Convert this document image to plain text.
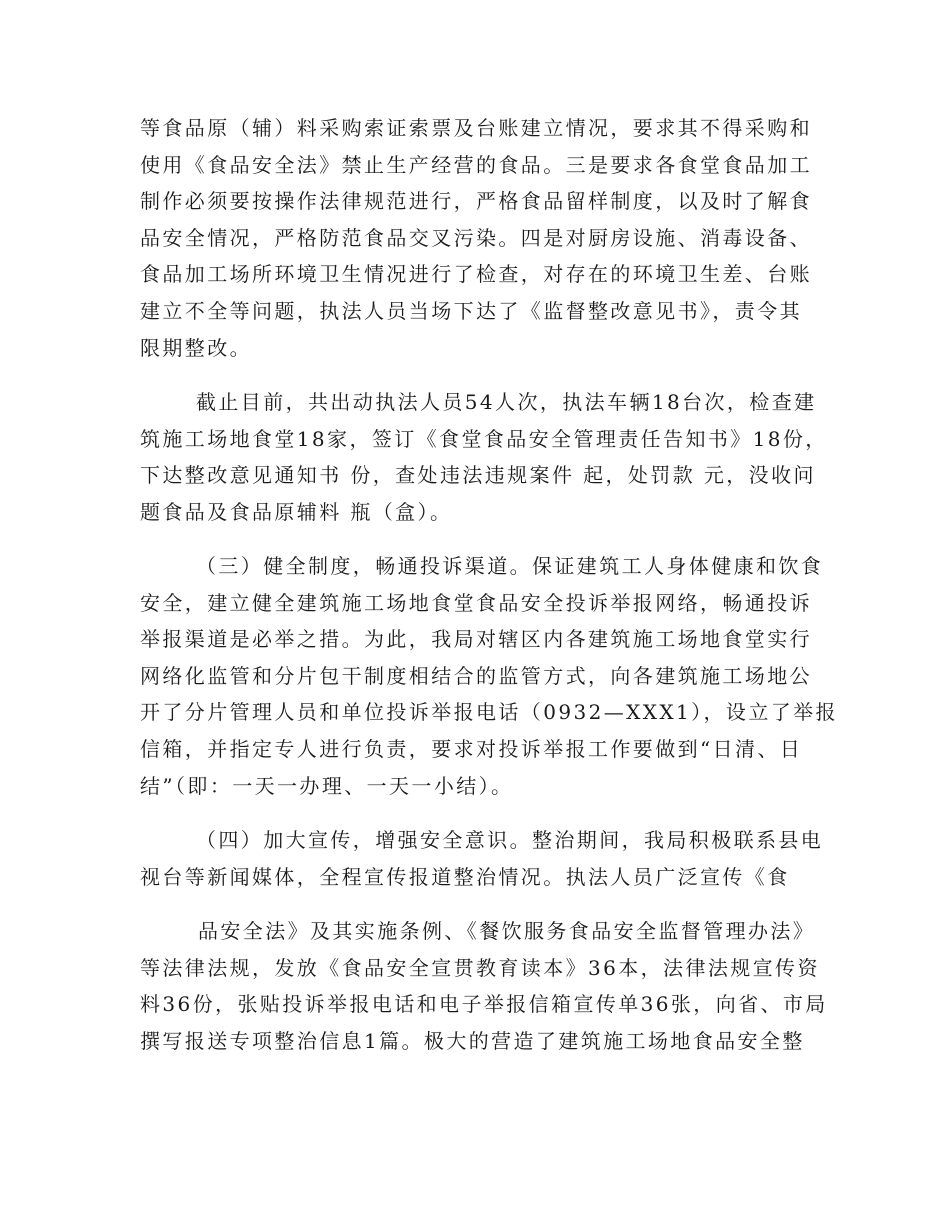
等食品原（辅）料采购索证索票及台账建立情况，要求其不得采购和
使用《食品安全法》禁止生产经营的食品。三是要求各食堂食品加工
制作必须要按操作法律规范进行，严格食品留样制度，以及时了解食
品安全情况，严格防范食品交叉污染。四是对厨房设施、消毒设备、
食品加工场所环境卫生情况进行了检查，对存在的环境卫生差、台账
建立不全等问题，执法人员当场下达了《监督整改意见书》，责令其
限期整改。
截止目前，共出动执法人员54人次，执法车辆18台次，检查建
筑施工场地食堂18家，签订《食堂食品安全管理责任告知书》18份，
下达整改意见通知书 份，查处违法违规案件 起，处罚款 元，没收问
题食品及食品原辅料 瓶（盒）。
（三）健全制度，畅通投诉渠道。保证建筑工人身体健康和饮食
安全，建立健全建筑施工场地食堂食品安全投诉举报网络，畅通投诉
举报渠道是必举之措。为此，我局对辖区内各建筑施工场地食堂实行
网络化监管和分片包干制度相结合的监管方式，向各建筑施工场地公
开了分片管理人员和单位投诉举报电话（0932—XXX1），设立了举报
信箱，并指定专人进行负责，要求对投诉举报工作要做到“日清、日
结”（即：一天一办理、一天一小结）。
（四）加大宣传，增强安全意识。整治期间，我局积极联系县电
视台等新闻媒体，全程宣传报道整治情况。执法人员广泛宣传《食
品安全法》及其实施条例、《餐饮服务食品安全监督管理办法》
等法律法规，发放《食品安全宣贯教育读本》36本，法律法规宣传资
料36份，张贴投诉举报电话和电子举报信箱宣传单36张，向省、市局
撰写报送专项整治信息1篇。极大的营造了建筑施工场地食品安全整
